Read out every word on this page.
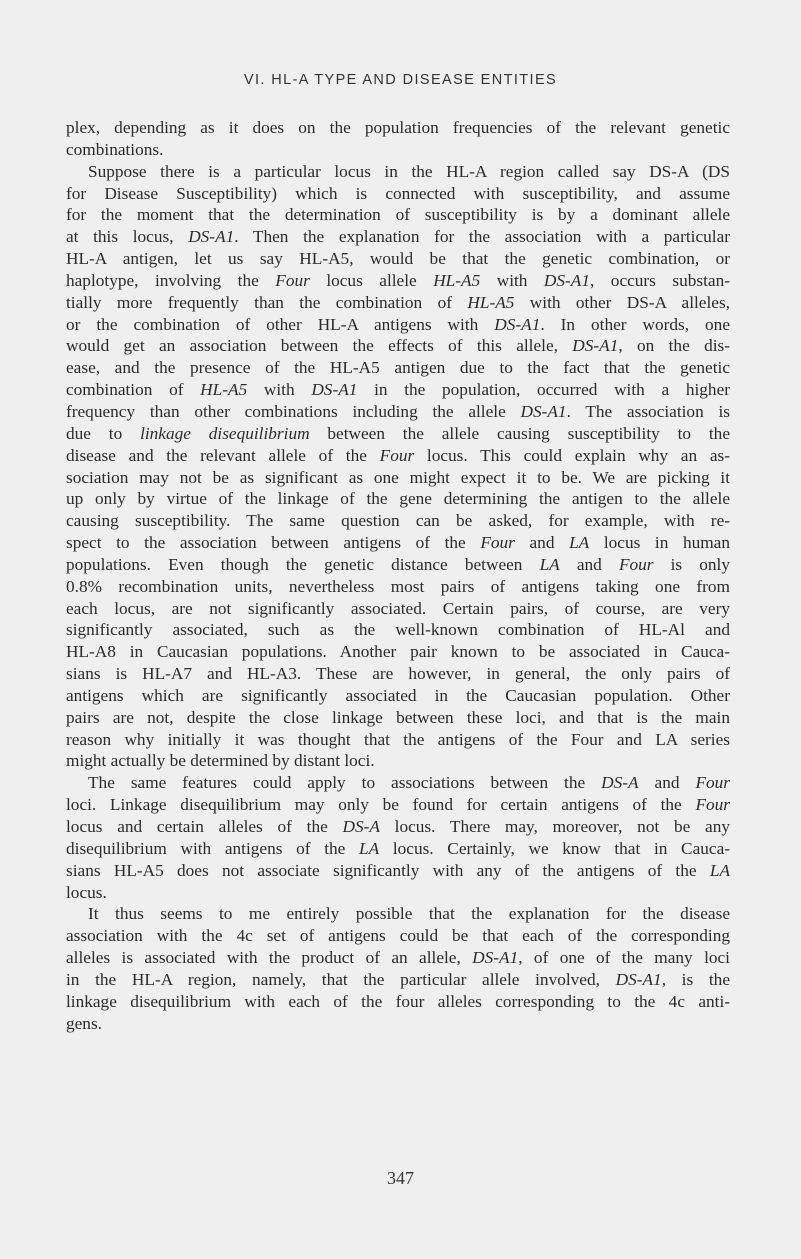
VI. HL-A TYPE AND DISEASE ENTITIES
plex, depending as it does on the population frequencies of the relevant genetic
combinations.
Suppose there is a particular locus in the HL-A region called say DS-A (DS
for Disease Susceptibility) which is connected with susceptibility, and assume
for the moment that the determination of susceptibility is by a dominant allele
at this locus, DS-A1. Then the explanation for the association with a particular
HL-A antigen, let us say HL-A5, would be that the genetic combination, or
haplotype, involving the Four locus allele HL-A5 with DS-A1, occurs substan-
tially more frequently than the combination of HL-A5 with other DS-A alleles,
or the combination of other HL-A antigens with DS-A1. In other words, one
would get an association between the effects of this allele, DS-A1, on the dis-
ease, and the presence of the HL-A5 antigen due to the fact that the genetic
combination of HL-A5 with DS-A1 in the population, occurred with a higher
frequency than other combinations including the allele DS-A1. The association is
due to linkage disequilibrium between the allele causing susceptibility to the
disease and the relevant allele of the Four locus. This could explain why an as-
sociation may not be as significant as one might expect it to be. We are picking it
up only by virtue of the linkage of the gene determining the antigen to the allele
causing susceptibility. The same question can be asked, for example, with re-
spect to the association between antigens of the Four and LA locus in human
populations. Even though the genetic distance between LA and Four is only
0.8% recombination units, nevertheless most pairs of antigens taking one from
each locus, are not significantly associated. Certain pairs, of course, are very
significantly associated, such as the well-known combination of HL-Al and
HL-A8 in Caucasian populations. Another pair known to be associated in Cauca-
sians is HL-A7 and HL-A3. These are however, in general, the only pairs of
antigens which are significantly associated in the Caucasian population. Other
pairs are not, despite the close linkage between these loci, and that is the main
reason why initially it was thought that the antigens of the Four and LA series
might actually be determined by distant loci.
The same features could apply to associations between the DS-A and Four
loci. Linkage disequilibrium may only be found for certain antigens of the Four
locus and certain alleles of the DS-A locus. There may, moreover, not be any
disequilibrium with antigens of the LA locus. Certainly, we know that in Cauca-
sians HL-A5 does not associate significantly with any of the antigens of the LA
locus.
It thus seems to me entirely possible that the explanation for the disease
association with the 4c set of antigens could be that each of the corresponding
alleles is associated with the product of an allele, DS-A1, of one of the many loci
in the HL-A region, namely, that the particular allele involved, DS-A1, is the
linkage disequilibrium with each of the four alleles corresponding to the 4c anti-
gens.
347
